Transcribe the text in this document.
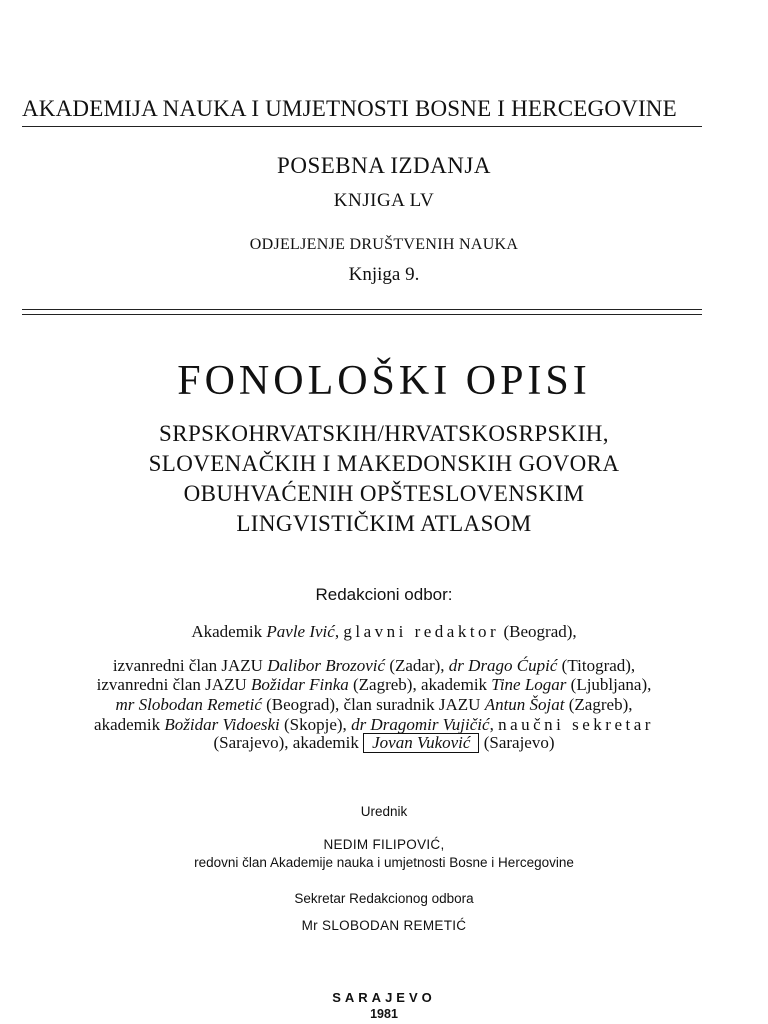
AKADEMIJA NAUKA I UMJETNOSTI BOSNE I HERCEGOVINE
POSEBNA IZDANJA
KNJIGA LV
ODJELJENJE DRUŠTVENIH NAUKA
Knjiga 9.
FONOLOŠKI OPISI
SRPSKOHRVATSKIH/HRVATSKOSRPSKIH,
SLOVENAČKIH I MAKEDONSKIH GOVORA
OBUHVAĆENIH OPŠTESLOVENSKIM
LINGVISTIČKIM ATLASOM
Redakcioni odbor:
Akademik Pavle Ivić, glavni redaktor (Beograd),
izvanredni član JAZU Dalibor Brozović (Zadar), dr Drago Ćupić (Titograd),
izvanredni član JAZU Božidar Finka (Zagreb), akademik Tine Logar (Ljubljana),
mr Slobodan Remetić (Beograd), član suradnik JAZU Antun Šojat (Zagreb),
akademik Božidar Vidoeski (Skopje), dr Dragomir Vujičić, naučni sekretar
(Sarajevo), akademik Jovan Vuković (Sarajevo)
Urednik
NEDIM FILIPOVIĆ,
redovni član Akademije nauka i umjetnosti Bosne i Hercegovine
Sekretar Redakcionog odbora
Mr SLOBODAN REMETIĆ
SARAJEVO
1981
